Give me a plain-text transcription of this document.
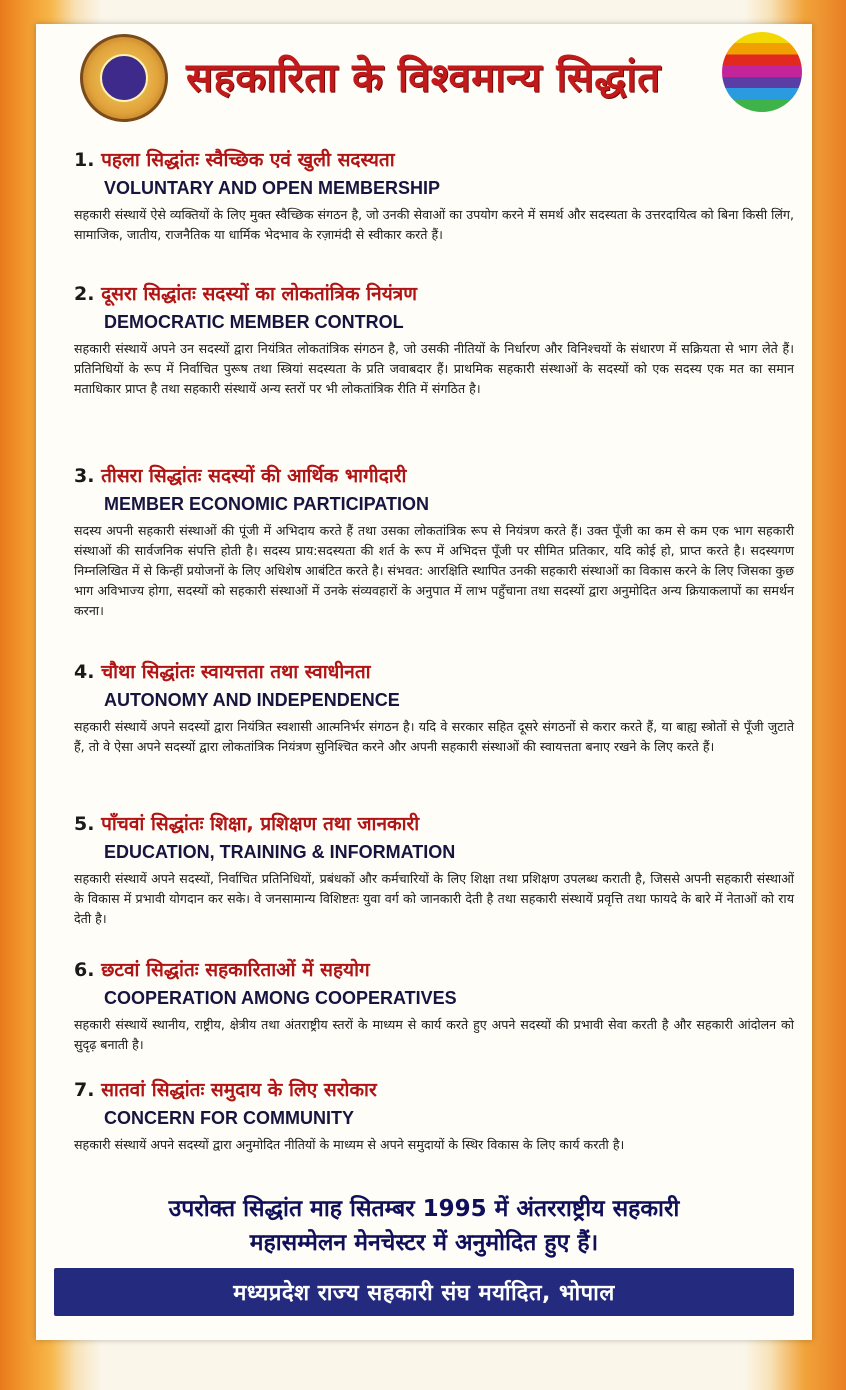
सहकारिता के विश्वमान्य सिद्धांत
1. पहला सिद्धांतः स्वैच्छिक एवं खुली सदस्यता
VOLUNTARY AND OPEN MEMBERSHIP
सहकारी संस्थायें ऐसे व्यक्तियों के लिए मुक्त स्वैच्छिक संगठन है, जो उनकी सेवाओं का उपयोग करने में समर्थ और सदस्यता के उत्तरदायित्व को बिना किसी लिंग, सामाजिक, जातीय, राजनैतिक या धार्मिक भेदभाव के रज़ामंदी से स्वीकार करते हैं।
2. दूसरा सिद्धांतः सदस्यों का लोकतांत्रिक नियंत्रण
DEMOCRATIC MEMBER CONTROL
सहकारी संस्थायें अपने उन सदस्यों द्वारा नियंत्रित लोकतांत्रिक संगठन है, जो उसकी नीतियों के निर्धारण और विनिश्चयों के संधारण में सक्रियता से भाग लेते हैं। प्रतिनिधियों के रूप में निर्वाचित पुरूष तथा स्त्रियां सदस्यता के प्रति जवाबदार हैं। प्राथमिक सहकारी संस्थाओं के सदस्यों को एक सदस्य एक मत का समान मताधिकार प्राप्त है तथा सहकारी संस्थायें अन्य स्तरों पर भी लोकतांत्रिक रीति में संगठित है।
3. तीसरा सिद्धांतः सदस्यों की आर्थिक भागीदारी
MEMBER ECONOMIC PARTICIPATION
सदस्य अपनी सहकारी संस्थाओं की पूंजी में अभिदाय करते हैं तथा उसका लोकतांत्रिक रूप से नियंत्रण करते हैं। उक्त पूँजी का कम से कम एक भाग सहकारी संस्थाओं की सार्वजनिक संपत्ति होती है। सदस्य प्राय:सदस्यता की शर्त के रूप में अभिदत्त पूँजी पर सीमित प्रतिकार, यदि कोई हो, प्राप्त करते है। सदस्यगण निम्नलिखित में से किन्हीं प्रयोजनों के लिए अधिशेष आबंटित करते है। संभवत: आरक्षिति स्थापित उनकी सहकारी संस्थाओं का विकास करने के लिए जिसका कुछ भाग अविभाज्य होगा, सदस्यों को सहकारी संस्थाओं में उनके संव्यवहारों के अनुपात में लाभ पहुँचाना तथा सदस्यों द्वारा अनुमोदित अन्य क्रियाकलापों का समर्थन करना।
4. चौथा सिद्धांतः स्वायत्तता तथा स्वाधीनता
AUTONOMY AND INDEPENDENCE
सहकारी संस्थायें अपने सदस्यों द्वारा नियंत्रित स्वशासी आत्मनिर्भर संगठन है। यदि वे सरकार सहित दूसरे संगठनों से करार करते हैं, या बाह्य स्त्रोतों से पूँजी जुटाते हैं, तो वे ऐसा अपने सदस्यों द्वारा लोकतांत्रिक नियंत्रण सुनिश्चित करने और अपनी सहकारी संस्थाओं की स्वायत्तता बनाए रखने के लिए करते हैं।
5. पाँचवां सिद्धांतः शिक्षा, प्रशिक्षण तथा जानकारी
EDUCATION, TRAINING & INFORMATION
सहकारी संस्थायें अपने सदस्यों, निर्वाचित प्रतिनिधियों, प्रबंधकों और कर्मचारियों के लिए शिक्षा तथा प्रशिक्षण उपलब्ध कराती है, जिससे अपनी सहकारी संस्थाओं के विकास में प्रभावी योगदान कर सके। वे जनसामान्य विशिष्टतः युवा वर्ग को जानकारी देती है तथा सहकारी संस्थायें प्रवृत्ति तथा फायदे के बारे में नेताओं को राय देती है।
6. छटवां सिद्धांतः सहकारिताओं में सहयोग
COOPERATION AMONG COOPERATIVES
सहकारी संस्थायें स्थानीय, राष्ट्रीय, क्षेत्रीय तथा अंतराष्ट्रीय स्तरों के माध्यम से कार्य करते हुए अपने सदस्यों की प्रभावी सेवा करती है और सहकारी आंदोलन को सुदृढ़ बनाती है।
7. सातवां सिद्धांतः समुदाय के लिए सरोकार
CONCERN FOR COMMUNITY
सहकारी संस्थायें अपने सदस्यों द्वारा अनुमोदित नीतियों के माध्यम से अपने समुदायों के स्थिर विकास के लिए कार्य करती है।
उपरोक्त सिद्धांत माह सितम्बर 1995 में अंतरराष्ट्रीय सहकारी
महासम्मेलन मेनचेस्टर में अनुमोदित हुए हैं।
मध्यप्रदेश राज्य सहकारी संघ मर्यादित, भोपाल
